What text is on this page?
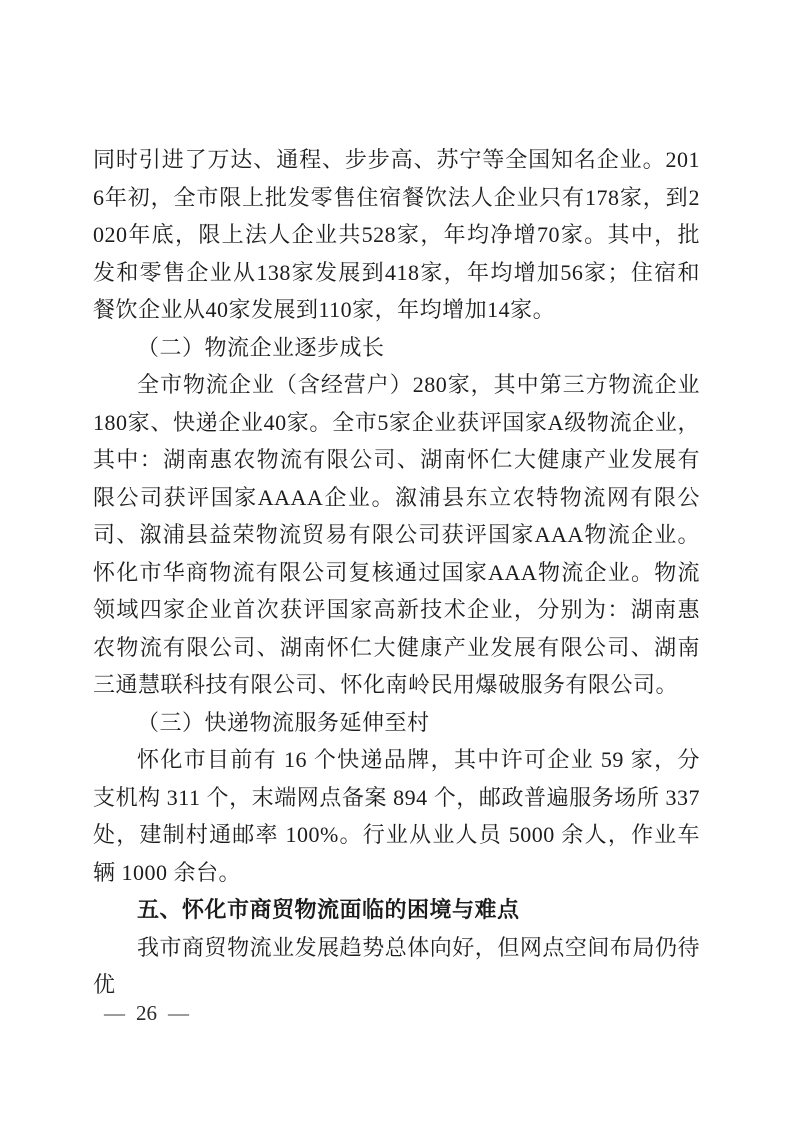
同时引进了万达、通程、步步高、苏宁等全国知名企业。2016年初，全市限上批发零售住宿餐饮法人企业只有178家，到2020年底，限上法人企业共528家，年均净增70家。其中，批发和零售企业从138家发展到418家，年均增加56家；住宿和餐饮企业从40家发展到110家，年均增加14家。

（二）物流企业逐步成长

全市物流企业（含经营户）280家，其中第三方物流企业180家、快递企业40家。全市5家企业获评国家A级物流企业，其中：湖南惠农物流有限公司、湖南怀仁大健康产业发展有限公司获评国家AAAA企业。溆浦县东立农特物流网有限公司、溆浦县益荣物流贸易有限公司获评国家AAA物流企业。怀化市华商物流有限公司复核通过国家AAA物流企业。物流领域四家企业首次获评国家高新技术企业，分别为：湖南惠农物流有限公司、湖南怀仁大健康产业发展有限公司、湖南三通慧联科技有限公司、怀化南岭民用爆破服务有限公司。

（三）快递物流服务延伸至村

怀化市目前有 16 个快递品牌，其中许可企业 59 家，分支机构 311 个，末端网点备案 894 个，邮政普遍服务场所 337 处，建制村通邮率 100%。行业从业人员 5000 余人，作业车辆 1000 余台。

五、怀化市商贸物流面临的困境与难点

我市商贸物流业发展趋势总体向好，但网点空间布局仍待优

— 26 —
